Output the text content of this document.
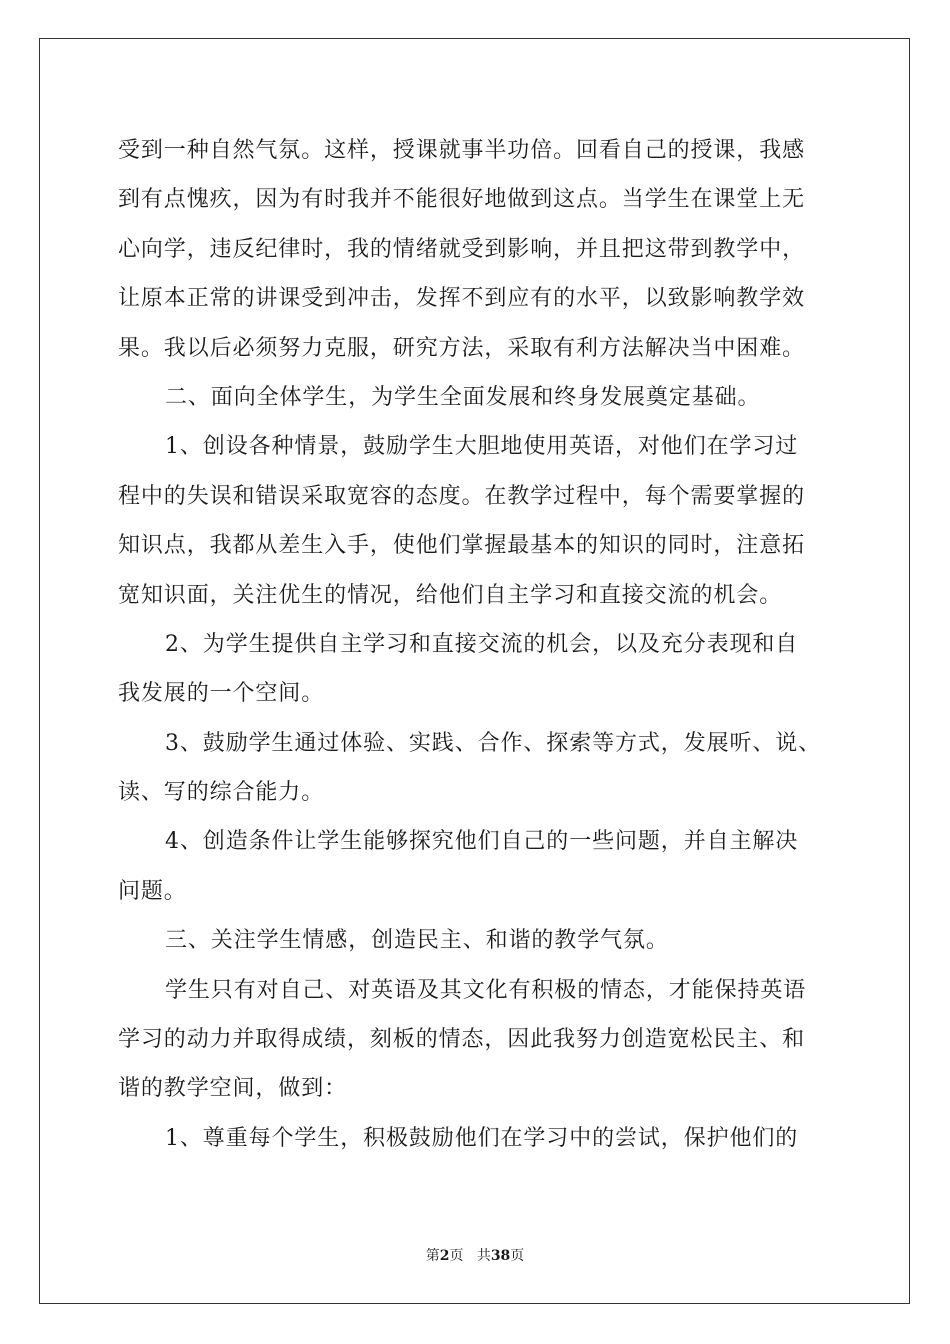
受到一种自然气氛。这样，授课就事半功倍。回看自己的授课，我感
到有点愧疚，因为有时我并不能很好地做到这点。当学生在课堂上无
心向学，违反纪律时，我的情绪就受到影响，并且把这带到教学中，
让原本正常的讲课受到冲击，发挥不到应有的水平，以致影响教学效
果。我以后必须努力克服，研究方法，采取有利方法解决当中困难。
二、面向全体学生，为学生全面发展和终身发展奠定基础。
1、创设各种情景，鼓励学生大胆地使用英语，对他们在学习过
程中的失误和错误采取宽容的态度。在教学过程中，每个需要掌握的
知识点，我都从差生入手，使他们掌握最基本的知识的同时，注意拓
宽知识面，关注优生的情况，给他们自主学习和直接交流的机会。
2、为学生提供自主学习和直接交流的机会，以及充分表现和自
我发展的一个空间。
3、鼓励学生通过体验、实践、合作、探索等方式，发展听、说、
读、写的综合能力。
4、创造条件让学生能够探究他们自己的一些问题，并自主解决
问题。
三、关注学生情感，创造民主、和谐的教学气氛。
学生只有对自己、对英语及其文化有积极的情态，才能保持英语
学习的动力并取得成绩，刻板的情态，因此我努力创造宽松民主、和
谐的教学空间，做到：
1、尊重每个学生，积极鼓励他们在学习中的尝试，保护他们的
第2页 共38页
